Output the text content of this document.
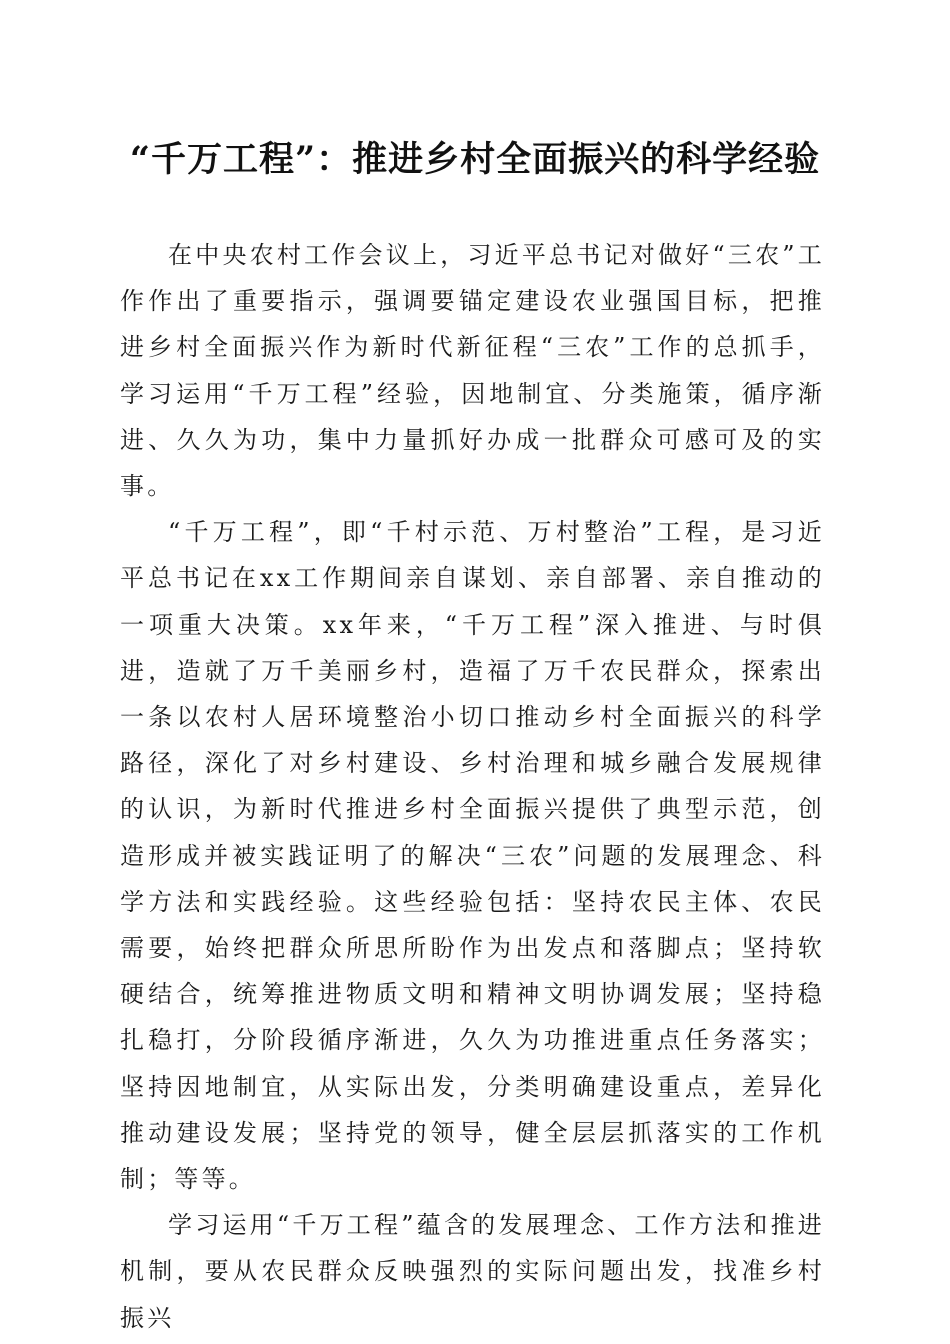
“千万工程”：推进乡村全面振兴的科学经验

在中央农村工作会议上，习近平总书记对做好“三农”工作作出了重要指示，强调要锚定建设农业强国目标，把推进乡村全面振兴作为新时代新征程“三农”工作的总抓手，学习运用“千万工程”经验，因地制宜、分类施策，循序渐进、久久为功，集中力量抓好办成一批群众可感可及的实事。

“千万工程”，即“千村示范、万村整治”工程，是习近平总书记在xx工作期间亲自谋划、亲自部署、亲自推动的一项重大决策。xx年来，“千万工程”深入推进、与时俱进，造就了万千美丽乡村，造福了万千农民群众，探索出一条以农村人居环境整治小切口推动乡村全面振兴的科学路径，深化了对乡村建设、乡村治理和城乡融合发展规律的认识，为新时代推进乡村全面振兴提供了典型示范，创造形成并被实践证明了的解决“三农”问题的发展理念、科学方法和实践经验。这些经验包括：坚持农民主体、农民需要，始终把群众所思所盼作为出发点和落脚点；坚持软硬结合，统筹推进物质文明和精神文明协调发展；坚持稳扎稳打，分阶段循序渐进，久久为功推进重点任务落实；坚持因地制宜，从实际出发，分类明确建设重点，差异化推动建设发展；坚持党的领导，健全层层抓落实的工作机制；等等。

学习运用“千万工程”蕴含的发展理念、工作方法和推进机制，要从农民群众反映强烈的实际问题出发，找准乡村振兴
